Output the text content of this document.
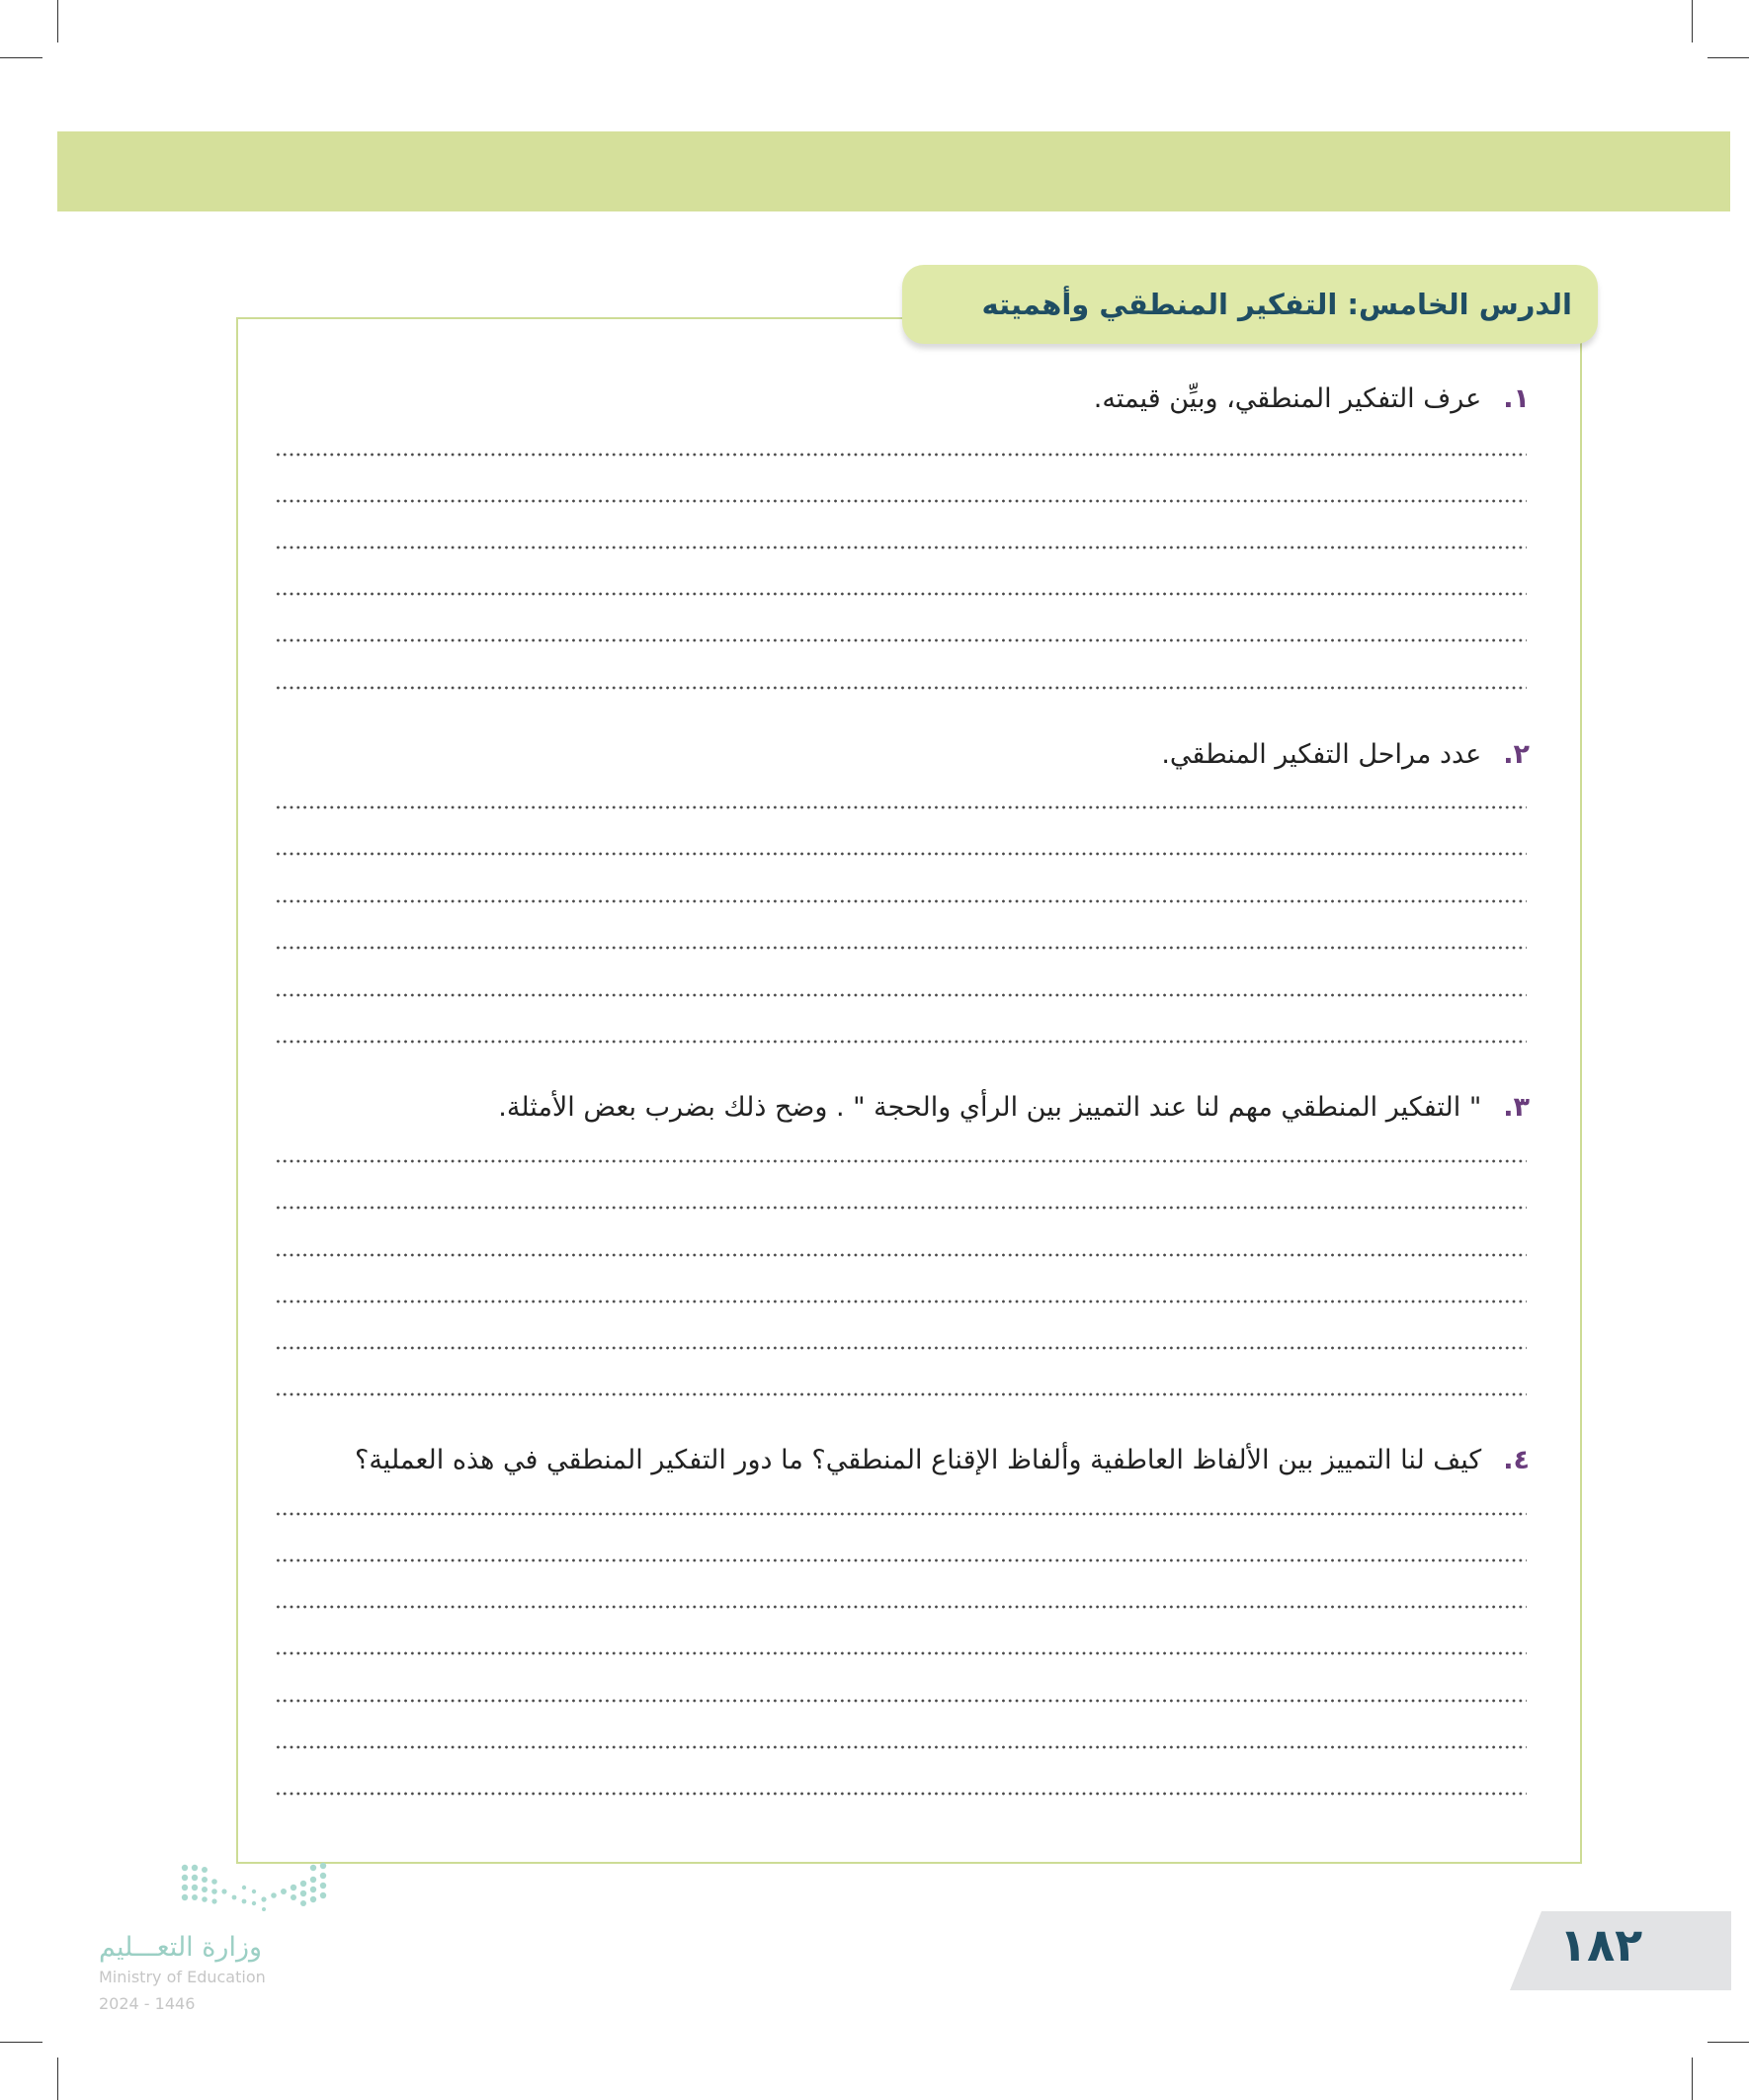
الدرس الخامس: التفكير المنطقي وأهميته
١.
عرف التفكير المنطقي، وبيِّن قيمته.
٢.
عدد مراحل التفكير المنطقي.
٣.
" التفكير المنطقي مهم لنا عند التمييز بين الرأي والحجة " . وضح ذلك بضرب بعض الأمثلة.
٤.
كيف لنا التمييز بين الألفاظ العاطفية وألفاظ الإقناع المنطقي؟ ما دور التفكير المنطقي في هذه العملية؟
وزارة التعـــليم
Ministry of Education
2024 - 1446
١٨٢
